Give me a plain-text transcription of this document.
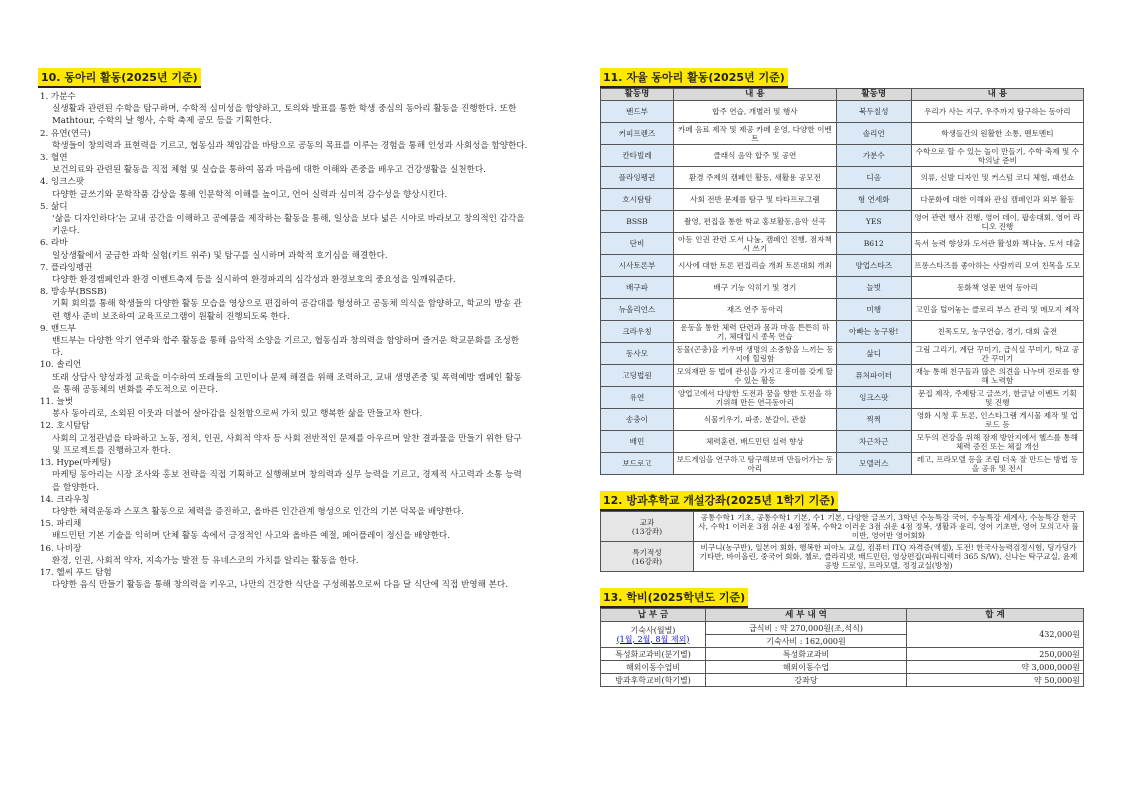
10. 동아리 활동(2025년 기준)
1. 가분수
실생활과 관련된 수학을 탐구하며, 수학적 심미성을 함양하고, 토의와 발표를 통한 학생 중심의 동아리 활동을 진행한다. 또한 Mathtour, 수학의 날 행사, 수학 축제 공모 등을 기획한다.
2. 유연(연극)
학생들이 창의력과 표현력을 기르고, 협동심과 책임감을 바탕으로 공동의 목표를 이루는 경험을 통해 인성과 사회성을 함양한다.
3. 혈연
보건의료와 관련된 활동을 직접 체험 및 실습을 통하여 몸과 마음에 대한 이해와 존중을 배우고 건강생활을 실천한다.
4. 잉크스팟
다양한 글쓰기와 문학작품 감상을 통해 인문학적 이해를 높이고, 언어 실력과 심미적 감수성을 향상시킨다.
5. 삶디
‘삶을 디자인하다’는 교내 공간을 이해하고 공예품을 제작하는 활동을 통해, 일상을 보다 넓은 시야로 바라보고 창의적인 감각을 키운다.
6. 라바
일상생활에서 궁금한 과학 실험(키트 위주) 및 탐구를 실시하며 과학적 호기심을 해결한다.
7. 플라잉펭귄
다양한 환경캠페인과 환경 이벤트축제 등을 실시하여 환경파괴의 심각성과 환경보호의 중요성을 일깨워준다.
8. 방송부(BSSB)
기획 회의를 통해 학생들의 다양한 활동 모습을 영상으로 편집하여 공감대를 형성하고 공동체 의식을 함양하고, 학교의 방송 관련 행사 준비 보조하여 교육프로그램이 원활히 진행되도록 한다.
9. 밴드부
밴드부는 다양한 악기 연주와 합주 활동을 통해 음악적 소양을 기르고, 협동심과 창의력을 함양하며 즐거운 학교문화를 조성한다.
10. 솔리언
또래 상담사 양성과정 교육을 이수하여 또래들의 고민이나 문제 해결을 위해 조력하고, 교내 생명존중 및 폭력예방 캠페인 활동을 통해 공동체의 변화를 주도적으로 이끈다.
11. 늘벗
봉사 동아리로, 소외된 이웃과 더불어 살아감을 실천함으로써 가치 있고 행복한 삶을 만들고자 한다.
12. 호시탐탐
사회의 고정관념을 타파하고 노동, 정치, 인권, 사회적 약자 등 사회 전반적인 문제를 아우르며 알찬 결과물을 만들기 위한 탐구 및 프로젝트를 진행하고자 한다.
13. Hype(마케팅)
마케팅 동아리는 시장 조사와 홍보 전략을 직접 기획하고 실행해보며 창의력과 실무 능력을 기르고, 경제적 사고력과 소통 능력을 함양한다.
14. 크라우칭
다양한 체력운동과 스포츠 활동으로 체력을 증진하고, 올바른 인간관계 형성으로 인간의 기본 덕목을 배양한다.
15. 파리채
배드민턴 기본 기술을 익히며 단체 활동 속에서 긍정적인 사고와 올바른 예절, 페어플레이 정신을 배양한다.
16. 나비장
환경, 인권, 사회적 약자, 지속가능 발전 등 유네스코의 가치를 알리는 활동을 한다.
17. 헬씨 푸드 탐험
다양한 음식 만들기 활동을 통해 창의력을 키우고, 나만의 건강한 식단을 구성해봄으로써 다음 달 식단에 직접 반영해 본다.
11. 자율 동아리 활동(2025년 기준)
활동명	내 용	활동명	내 용
밴드부	합주 연습, 개별러 및 행사	북두칠성	우리가 사는 지구, 우주까지 탐구하는 동아리
커피프렌즈	카페 음료 제작 및 제공 카페 운영, 다양한 이벤트	솔리언	학생들간의 원활한 소통, 멘토멘티
칸타빌레	클래식 음악 합주 및 공연	가분수	수학으로 할 수 있는 놀이 만들기, 수학 축제 및 수학의날 준비
플라잉펭귄	환경 주제의 캠페인 활동, 새활용 공모전	디옴	의류, 신발 디자인 및 커스텀 코디 체험, 패션쇼
호시탐탐	사회 전반 문제를 탐구 및 타타프로그램	형 연세화	다문화에 대한 이해와 관심 캠페인과 외부 활동
BSSB	촬영, 편집을 통한 학교 홍보활동,음악 선곡	YES	영어 관련 행사 진행, 영어 데이, 팝송대회, 영어 라디오 진행
단비	아동 인권 관련 도서 나눔, 캠페인 진행, 점자책시 쓰기	B612	독서 능력 향상과 도서관 활성화 책나눔, 도서 대출
시사토론부	시사에 대한 토론 편집리슬 개최 토론대회 개최	양업스타즈	프롱스타즈를 좋아하는 사람끼리 모여 친목을 도모
배구파	배구 기능 익히기 및 경기	늘벗	동화책 영문 번역 동아리
뉴올리언스	재즈 연주 동아리	미행	고민을 털어놓는 클로리 부스 관리 및 메모지 제작
크라우칭	운동을 통한 체력 단련과 몸과 마음 튼튼히 하기, 체대입시 종목 연습	아빠는 농구왕!	친목도모, 농구연습, 경기, 대회 출전
동사모	동물(곤충)을 키우며 생명의 소중함을 느끼는 동시에 힐링함	삶디	그림 그리기, 계단 꾸미기, 급식실 꾸미기, 학교 공간 꾸미기
고딩법원	모의재판 등 법에 관심을 가지고 흥미를 갖게 할 수 있는 활동	퓨처파이터	재능 통해 친구들과 많은 의견을 나누며 진로를 향해 노력함
유연	양업고에서 다양한 도전과 꿈을 향한 도전을 하기위해 만든 연극동아리	잉크스팟	문집 제작, 주제탐고 글쓰기, 한글날 이벤트 기획 및 진행
송충이	식물키우기, 파종, 분갈이, 관찰	찍찍	영화 시청 후 토론, 인스타그램 게시물 제작 및 업로드 등
배민	체력훈련, 배드민턴 실력 향상	차근차근	모두의 건강을 위해 잠재 방안지에서 헬스를 통해 체력 증진 또는 체질 개선
보드로고	보드게임을 연구하고 탐구해보며 만들어가는 동아리	모델러스	레고, 프라모델 등을 조립 더욱 잘 만드는 방법 등을 공유 및 전시
12. 방과후학교 개설강좌(2025년 1학기 기준)
교과
(13강좌)	공통수학1 기초, 공통수학1 기본, 수1 기본, 다양한 글쓰기, 3학년 수능특강 국어, 수능특강 세계사, 수능특강 한국사, 수학1 이러운 3점 쉬운 4점 정복, 수학2 이러운 3점 쉬운 4점 정복, 생활과 윤리, 영어 기초반, 영어 모의고사 풀이반, 영어반 영어회화
특기적성
(16강좌)	비구니(농구반), 일본어 회화, 행복한 피아노 교실, 컴퓨터 ITQ 자격증(엑셀), 도전! 한국사능력검정시험, 딩가딩가 기타반, 바이올린, 중국어 회화, 첼로, 클라리넷, 배드민턴, 영상편집(파워디렉터 365 S/W), 신나는 탁구교실, 윤제 공방 드로잉, 프라모델, 정정교실(방청)
13. 학비(2025학년도 기준)
납 부 금	세 부 내 역	합 계

기숙사(월별)
(1월, 2월, 8월 제외)	급식비 : 약 270,000원(조,석식)	432,000원
	기숙사비 : 162,000원	
특성화교과비(분기별)	특성화교과비	250,000원
해외이동수업비	해외이동수업	약 3,000,000원
방과후학교비(학기별)	강좌당	약 50,000원
